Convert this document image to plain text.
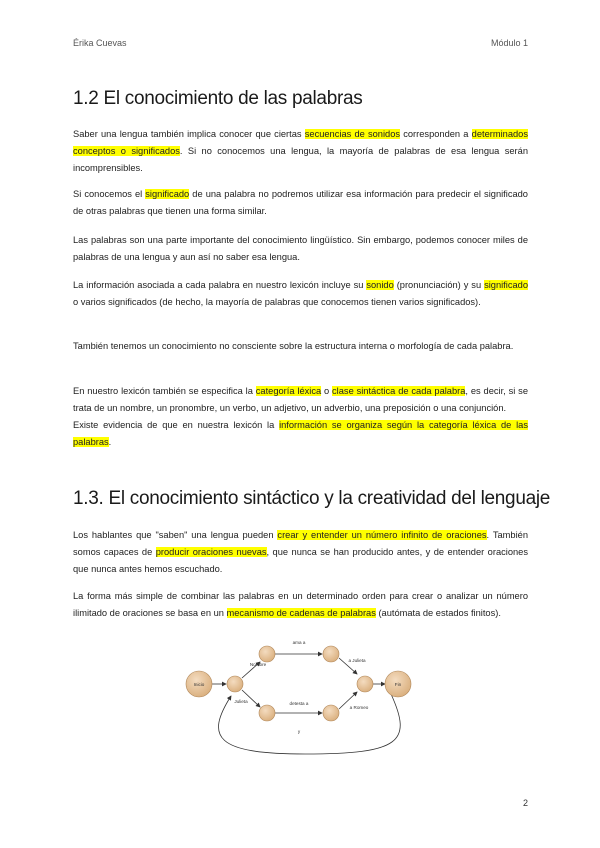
Érika Cuevas	Módulo 1
1.2 El conocimiento de las palabras

Saber una lengua también implica conocer que ciertas secuencias de sonidos corresponden a determinados conceptos o significados. Si no conocemos una lengua, la mayoría de palabras de esa lengua serán incomprensibles.

Si conocemos el significado de una palabra no podremos utilizar esa información para predecir el significado de otras palabras que tienen una forma similar.

Las palabras son una parte importante del conocimiento lingüístico. Sin embargo, podemos conocer miles de palabras de una lengua y aun así no saber esa lengua.

La información asociada a cada palabra en nuestro lexicón incluye su sonido (pronunciación) y su significado o varios significados (de hecho, la mayoría de palabras que conocemos tienen varios significados).

También tenemos un conocimiento no consciente sobre la estructura interna o morfología de cada palabra.

En nuestro lexicón también se especifica la categoría léxica o clase sintáctica de cada palabra, es decir, si se trata de un nombre, un pronombre, un verbo, un adjetivo, un adverbio, una preposición o una conjunción.
Existe evidencia de que en nuestra lexicón la información se organiza según la categoría léxica de las palabras.

1.3. El conocimiento sintáctico y la creatividad del lenguaje

Los hablantes que "saben" una lengua pueden crear y entender un número infinito de oraciones. También somos capaces de producir oraciones nuevas, que nunca se han producido antes, y de entender oraciones que nunca antes hemos escuchado.

La forma más simple de combinar las palabras en un determinado orden para crear o analizar un número ilimitado de oraciones se basa en un mecanismo de cadenas de palabras (autómata de estados finitos).

Inicio	Fin
Nombre
Julieta
ama a
detesta a
a Julieta
a Romeo
y
2
